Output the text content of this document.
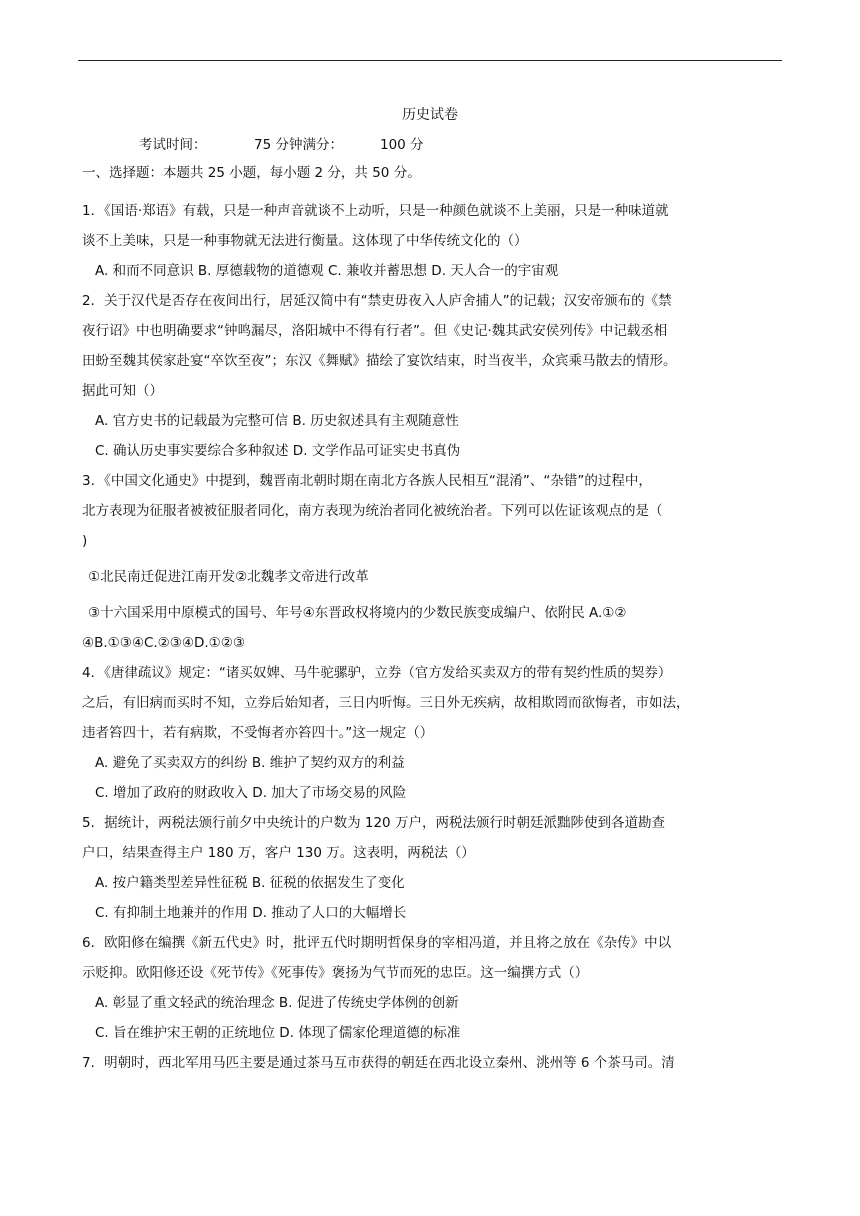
历史试卷
考试时间：	75 分钟满分：	100 分
一、选择题：本题共 25 小题，每小题 2 分，共 50 分。
1．《国语·郑语》有载，只是一种声音就谈不上动听，只是一种颜色就谈不上美丽，只是一种味道就
谈不上美味，只是一种事物就无法进行衡量。这体现了中华传统文化的（）
A. 和而不同意识 B. 厚德载物的道德观 C. 兼收并蓄思想 D. 天人合一的宇宙观
2．关于汉代是否存在夜间出行，居延汉简中有“禁吏毋夜入人庐舍捕人”的记载；汉安帝颁布的《禁
夜行诏》中也明确要求“钟鸣漏尽，洛阳城中不得有行者”。但《史记·魏其武安侯列传》中记载丞相
田蚡至魏其侯家赴宴“卒饮至夜”；东汉《舞赋》描绘了宴饮结束，时当夜半，众宾乘马散去的情形。
据此可知（）
A. 官方史书的记载最为完整可信 B. 历史叙述具有主观随意性
C. 确认历史事实要综合多种叙述 D. 文学作品可证实史书真伪
3．《中国文化通史》中提到，魏晋南北朝时期在南北方各族人民相互“混淆”、“杂错”的过程中，
北方表现为征服者被被征服者同化，南方表现为统治者同化被统治者。下列可以佐证该观点的是（
)
①北民南迁促进江南开发②北魏孝文帝进行改革
③十六国采用中原模式的国号、年号④东晋政权将境内的少数民族变成编户、依附民 A.①②
④B.①③④C.②③④D.①②③
4．《唐律疏议》规定：“诸买奴婢、马牛驼骡驴，立券（官方发给买卖双方的带有契约性质的契券）
之后，有旧病而买时不知，立券后始知者，三日内听悔。三日外无疾病，故相欺罔而欲悔者，市如法，
违者笞四十，若有病欺，不受悔者亦笞四十。”这一规定（）
A. 避免了买卖双方的纠纷 B. 维护了契约双方的利益
C. 增加了政府的财政收入 D. 加大了市场交易的风险
5．据统计，两税法颁行前夕中央统计的户数为 120 万户，两税法颁行时朝廷派黜陟使到各道勘查
户口，结果查得主户 180 万，客户 130 万。这表明，两税法（）
A. 按户籍类型差异性征税 B. 征税的依据发生了变化
C. 有抑制土地兼并的作用 D. 推动了人口的大幅增长
6．欧阳修在编撰《新五代史》时，批评五代时期明哲保身的宰相冯道，并且将之放在《杂传》中以
示贬抑。欧阳修还设《死节传》《死事传》褒扬为气节而死的忠臣。这一编撰方式（）
A. 彰显了重文轻武的统治理念 B. 促进了传统史学体例的创新
C. 旨在维护宋王朝的正统地位 D. 体现了儒家伦理道德的标准
7．明朝时，西北军用马匹主要是通过茶马互市获得的朝廷在西北设立秦州、洮州等 6 个茶马司。清
